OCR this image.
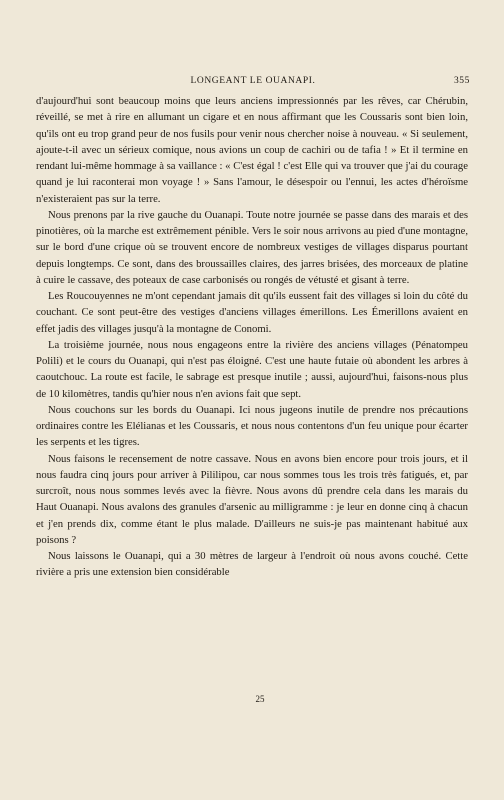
LONGEANT LE OUANAPI.	355

d'aujourd'hui sont beaucoup moins que leurs anciens impressionnés par les rêves, car Chérubin, réveillé, se met à rire en allumant un cigare et en nous affirmant que les Coussaris sont bien loin, qu'ils ont eu trop grand peur de nos fusils pour venir nous chercher noise à nouveau. « Si seulement, ajoute-t-il avec un sérieux comique, nous avions un coup de cachiri ou de tafia ! » Et il termine en rendant lui-même hommage à sa vaillance : « C'est égal ! c'est Elle qui va trouver que j'ai du courage quand je lui raconterai mon voyage ! » Sans l'amour, le désespoir ou l'ennui, les actes d'héroïsme n'existeraient pas sur la terre.

Nous prenons par la rive gauche du Ouanapi. Toute notre journée se passe dans des marais et des pinotières, où la marche est extrêmement pénible. Vers le soir nous arrivons au pied d'une montagne, sur le bord d'une crique où se trouvent encore de nombreux vestiges de villages disparus pourtant depuis longtemps. Ce sont, dans des broussailles claires, des jarres brisées, des morceaux de platine à cuire le cassave, des poteaux de case carbonisés ou rongés de vétusté et gisant à terre.

Les Roucouyennes ne m'ont cependant jamais dit qu'ils eussent fait des villages si loin du côté du couchant. Ce sont peut-être des vestiges d'anciens villages émerillons. Les Émerillons avaient en effet jadis des villages jusqu'à la montagne de Conomi.

La troisième journée, nous nous engageons entre la rivière des anciens villages (Pénatompeu Polili) et le cours du Ouanapi, qui n'est pas éloigné. C'est une haute futaie où abondent les arbres à caoutchouc. La route est facile, le sabrage est presque inutile ; aussi, aujourd'hui, faisons-nous plus de 10 kilomètres, tandis qu'hier nous n'en avions fait que sept.

Nous couchons sur les bords du Ouanapi. Ici nous jugeons inutile de prendre nos précautions ordinaires contre les Elélianas et les Coussaris, et nous nous contentons d'un feu unique pour écarter les serpents et les tigres.

Nous faisons le recensement de notre cassave. Nous en avons bien encore pour trois jours, et il nous faudra cinq jours pour arriver à Pililipou, car nous sommes tous les trois très fatigués, et, par surcroît, nous nous sommes levés avec la fièvre. Nous avons dû prendre cela dans les marais du Haut Ouanapi. Nous avalons des granules d'arsenic au milligramme : je leur en donne cinq à chacun et j'en prends dix, comme étant le plus malade. D'ailleurs ne suis-je pas maintenant habitué aux poisons ?

Nous laissons le Ouanapi, qui a 30 mètres de largeur à l'endroit où nous avons couché. Cette rivière a pris une extension bien considérable

25
